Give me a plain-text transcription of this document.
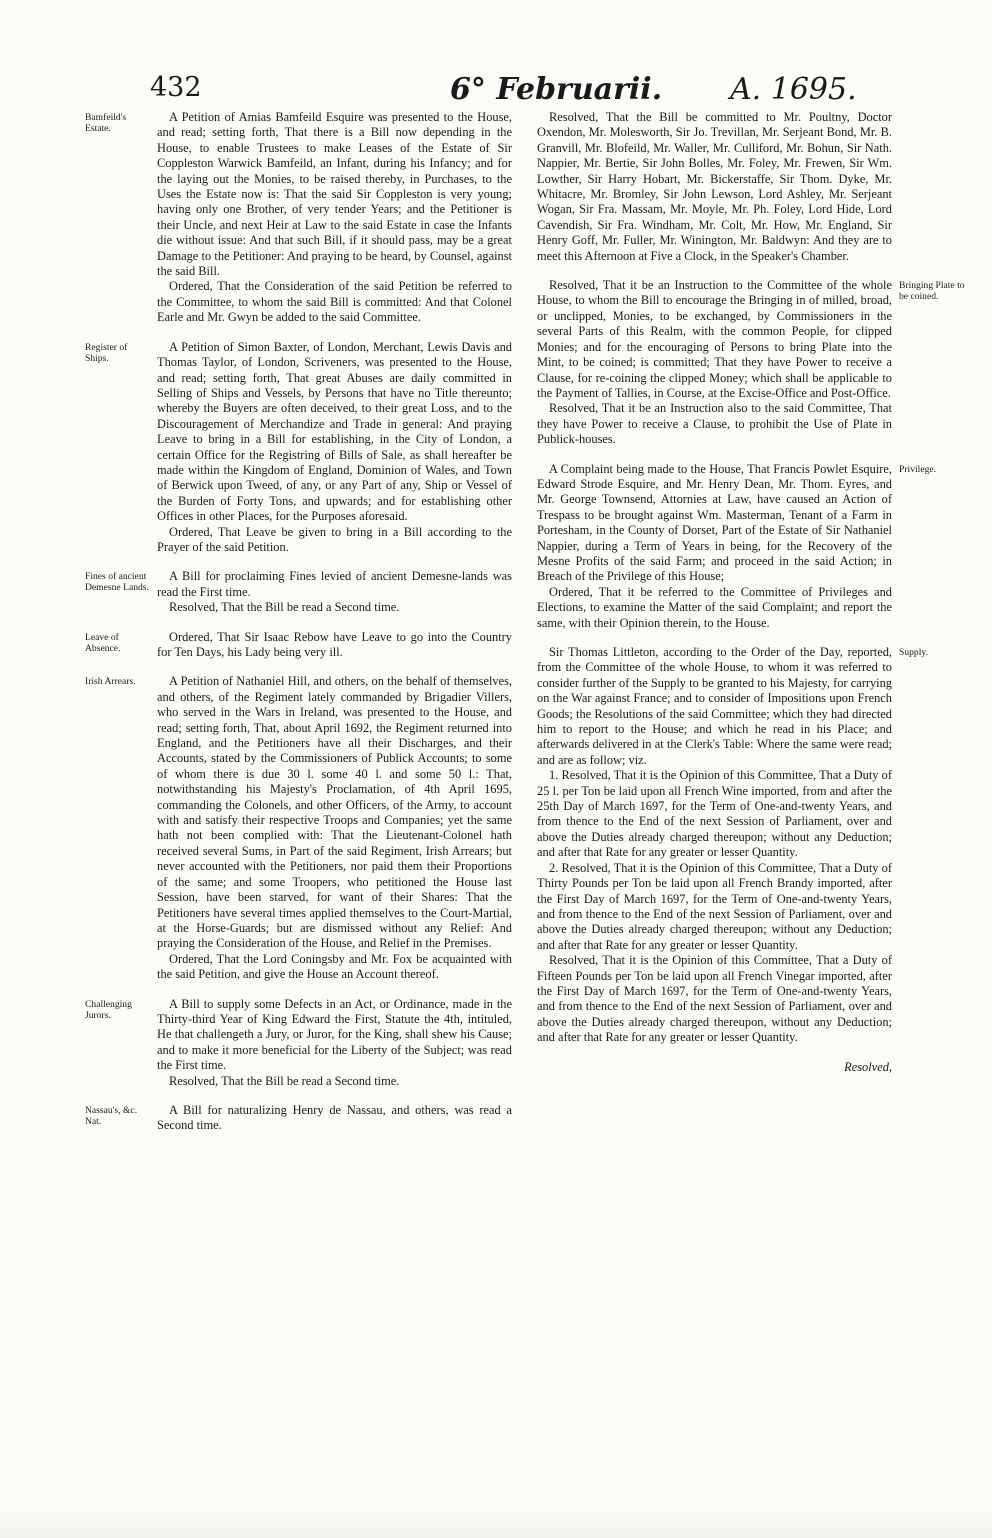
432	6° Februarii. A. 1695.
Bamfeild's Estate.

A Petition of Amias Bamfeild Esquire was presented to the House, and read; setting forth, That there is a Bill now depending in the House, to enable Trustees to make Leases of the Estate of Sir Coppleston Warwick Bamfeild, an Infant, during his Infancy; and for the laying out the Monies, to be raised thereby, in Purchases, to the Uses the Estate now is: That the said Sir Coppleston is very young; having only one Brother, of very tender Years; and the Petitioner is their Uncle, and next Heir at Law to the said Estate in case the Infants die without issue: And that such Bill, if it should pass, may be a great Damage to the Petitioner: And praying to be heard, by Counsel, against the said Bill.

Ordered, That the Consideration of the said Petition be referred to the Committee, to whom the said Bill is committed: And that Colonel Earle and Mr. Gwyn be added to the said Committee.

Register of Ships.

A Petition of Simon Baxter, of London, Merchant, Lewis Davis and Thomas Taylor, of London, Scriveners, was presented to the House, and read; setting forth, That great Abuses are daily committed in Selling of Ships and Vessels, by Persons that have no Title thereunto; whereby the Buyers are often deceived, to their great Loss, and to the Discouragement of Merchandize and Trade in general: And praying Leave to bring in a Bill for establishing, in the City of London, a certain Office for the Registring of Bills of Sale, as shall hereafter be made within the Kingdom of England, Dominion of Wales, and Town of Berwick upon Tweed, of any, or any Part of any, Ship or Vessel of the Burden of Forty Tons, and upwards; and for establishing other Offices in other Places, for the Purposes aforesaid.

Ordered, That Leave be given to bring in a Bill according to the Prayer of the said Petition.

Fines of ancient Demesne Lands.

A Bill for proclaiming Fines levied of ancient Demesne-lands was read the First time.

Resolved, That the Bill be read a Second time.

Leave of Absence.

Ordered, That Sir Isaac Rebow have Leave to go into the Country for Ten Days, his Lady being very ill.

Irish Arrears.	A Petition of Nathaniel Hill, and others, on the behalf of themselves, and others, of the Regiment lately commanded by Brigadier Villers, who served in the Wars in Ireland, was presented to the House, and read; setting forth, That, about April 1692, the Regiment returned into England, and the Petitioners have all their Discharges, and their Accounts, stated by the Commissioners of Publick Accounts; to some of whom there is due 30 l. some 40 l. and some 50 l.: That, notwithstanding his Majesty's Proclamation, of 4th April 1695, commanding the Colonels, and other Officers, of the Army, to account with and satisfy their respective Troops and Companies; yet the same hath not been complied with: That the Lieutenant-Colonel hath received several Sums, in Part of the said Regiment, Irish Arrears; but never accounted with the Petitioners, nor paid them their Proportions of the same; and some Troopers, who petitioned the House last Session, have been starved, for want of their Shares: That the Petitioners have several times applied themselves to the Court-Martial, at the Horse-Guards; but are dismissed without any Relief: And praying the Consideration of the House, and Relief in the Premises.

Ordered, That the Lord Coningsby and Mr. Fox be acquainted with the said Petition, and give the House an Account thereof.

Challenging Jurors.

A Bill to supply some Defects in an Act, or Ordinance, made in the Thirty-third Year of King Edward the First, Statute the 4th, intituled, He that challengeth a Jury, or Juror, for the King, shall shew his Cause; and to make it more beneficial for the Liberty of the Subject; was read the First time.

Resolved, That the Bill be read a Second time.

Nassau's, &c. Nat.

A Bill for naturalizing Henry de Nassau, and others, was read a Second time.

Resolved, That the Bill be committed to Mr. Poultny, Doctor Oxendon, Mr. Molesworth, Sir Jo. Trevillan, Mr. Serjeant Bond, Mr. B. Granvill, Mr. Blofeild, Mr. Waller, Mr. Culliford, Mr. Bohun, Sir Nath. Nappier, Mr. Bertie, Sir John Bolles, Mr. Foley, Mr. Frewen, Sir Wm. Lowther, Sir Harry Hobart, Mr. Bickerstaffe, Sir Thom. Dyke, Mr. Whitacre, Mr. Bromley, Sir John Lewson, Lord Ashley, Mr. Serjeant Wogan, Sir Fra. Massam, Mr. Moyle, Mr. Ph. Foley, Lord Hide, Lord Cavendish, Sir Fra. Windham, Mr. Colt, Mr. How, Mr. England, Sir Henry Goff, Mr. Fuller, Mr. Winington, Mr. Baldwyn: And they are to meet this Afternoon at Five a Clock, in the Speaker's Chamber.

Bringing Plate to be coined.

Resolved, That it be an Instruction to the Committee of the whole House, to whom the Bill to encourage the Bringing in of milled, broad, or unclipped, Monies, to be exchanged, by Commissioners in the several Parts of this Realm, with the common People, for clipped Monies; and for the encouraging of Persons to bring Plate into the Mint, to be coined; is committed; That they have Power to receive a Clause, for re-coining the clipped Money; which shall be applicable to the Payment of Tallies, in Course, at the Excise-Office and Post-Office.

Resolved, That it be an Instruction also to the said Committee, That they have Power to receive a Clause, to prohibit the Use of Plate in Publick-houses.

Privilege.

A Complaint being made to the House, That Francis Powlet Esquire, Edward Strode Esquire, and Mr. Henry Dean, Mr. Thom. Eyres, and Mr. George Townsend, Attornies at Law, have caused an Action of Trespass to be brought against Wm. Masterman, Tenant of a Farm in Portesham, in the County of Dorset, Part of the Estate of Sir Nathaniel Nappier, during a Term of Years in being, for the Recovery of the Mesne Profits of the said Farm; and proceed in the said Action; in Breach of the Privilege of this House;

Ordered, That it be referred to the Committee of Privileges and Elections, to examine the Matter of the said Complaint; and report the same, with their Opinion therein, to the House.

Supply.

Sir Thomas Littleton, according to the Order of the Day, reported, from the Committee of the whole House, to whom it was referred to consider further of the Supply to be granted to his Majesty, for carrying on the War against France; and to consider of Impositions upon French Goods; the Resolutions of the said Committee; which they had directed him to report to the House; and which he read in his Place; and afterwards delivered in at the Clerk's Table: Where the same were read; and are as follow; viz.

1. Resolved, That it is the Opinion of this Committee, That a Duty of 25 l. per Ton be laid upon all French Wine imported, from and after the 25th Day of March 1697, for the Term of One-and-twenty Years, and from thence to the End of the next Session of Parliament, over and above the Duties already charged thereupon; without any Deduction; and after that Rate for any greater or lesser Quantity.

2. Resolved, That it is the Opinion of this Committee, That a Duty of Thirty Pounds per Ton be laid upon all French Brandy imported, after the First Day of March 1697, for the Term of One-and-twenty Years, and from thence to the End of the next Session of Parliament, over and above the Duties already charged thereupon; without any Deduction; and after that Rate for any greater or lesser Quantity.

Resolved, That it is the Opinion of this Committee, That a Duty of Fifteen Pounds per Ton be laid upon all French Vinegar imported, after the First Day of March 1697, for the Term of One-and-twenty Years, and from thence to the End of the next Session of Parliament, over and above the Duties already charged thereupon, without any Deduction; and after that Rate for any greater or lesser Quantity.

Resolved,
